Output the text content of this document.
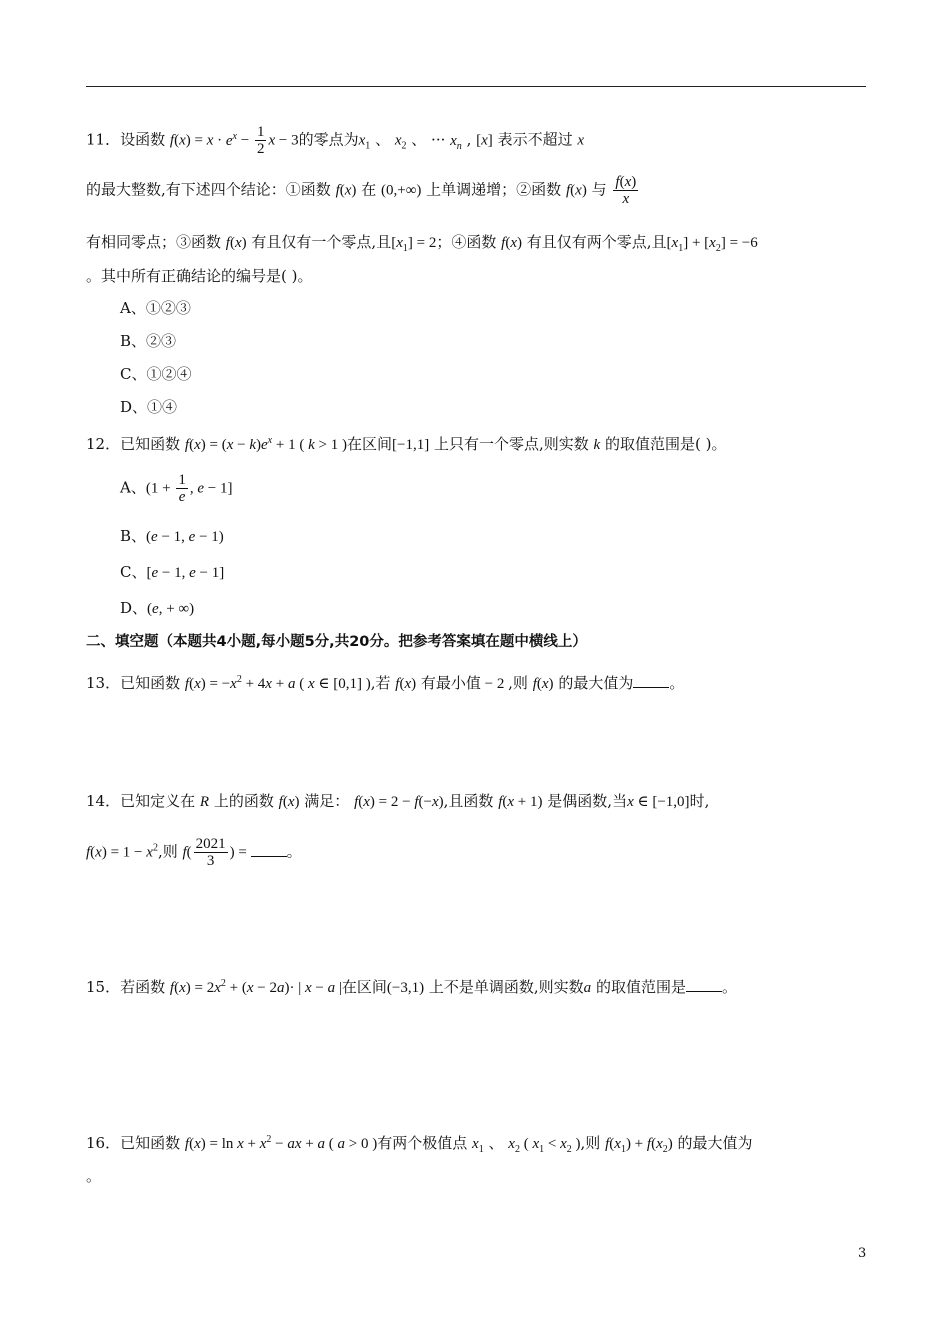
11．设函数 $f(x) = x \cdot e^x - \frac{1}{2}$ x − 3的零点为$x_1$ 、 $x_2$ 、 ··· $x_n$ , [x] 表示不超过 x
的最大整数,有下述四个结论：①函数 f(x) 在 (0,+∞) 上单调递增；②函数 f(x) 与 $\frac{f(x)}{x}$
有相同零点；③函数 f(x) 有且仅有一个零点,且$[x_1] = 2$；④函数 f(x) 有且仅有两个零点,且$[x_1] + [x_2] = -6$
。其中所有正确结论的编号是( )。
A、①②③
B、②③
C、①②④
D、①④
12．已知函数 $f(x) = (x - k)e^x + 1$ ( k > 1 )在区间[−1,1] 上只有一个零点,则实数 k 的取值范围是( )。
A、($1 + \frac{1}{e}$ , e − 1]
B、(e − 1, e − 1)
C、[e − 1, e − 1]
D、(e, + ∞)
二、填空题（本题共4小题,每小题5分,共20分。把参考答案填在题中横线上）
13．已知函数 $f(x) = -x^2 + 4x + a$ ( x ∈ [0,1] ),若 f(x) 有最小值 − 2 ,则 f(x) 的最大值为 。
14．已知定义在 R 上的函数 f(x) 满足： f(x) = 2 − f(−x),且函数 f(x + 1) 是偶函数,当x ∈ [−1,0]时,
$f(x) = 1 - x^2$,则 $f( \frac{2021}{3}$ ) = 。
15．若函数 $f(x) = 2x^2 + (x - 2a)\cdot$ | x − a |在区间(−3,1) 上不是单调函数,则实数a 的取值范围是 。
16．已知函数 $f(x) = \ln x + x^2$ − ax + a ( a > 0 )有两个极值点 $x_1$ 、 $x_2$ ( $x_1 < x_2$ ),则 $f(x_1) + f(x_2)$ 的最大值为
。
3
